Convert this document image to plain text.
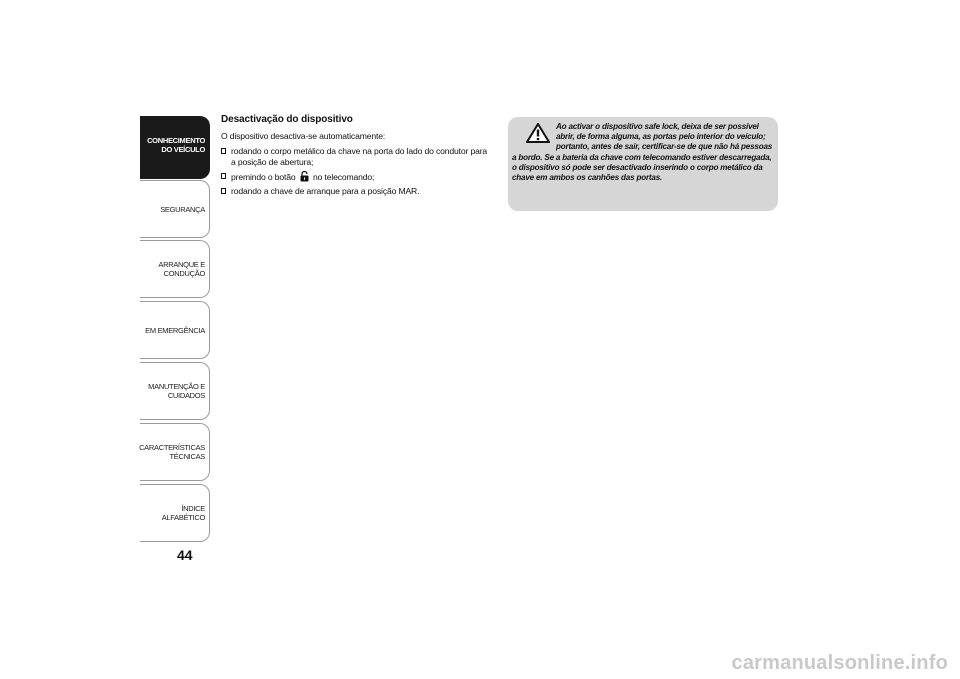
CONHECIMENTO
DO VEÍCULO
SEGURANÇA
ARRANQUE E
CONDUÇÃO
EM EMERGÊNCIA
MANUTENÇÃO E
CUIDADOS
CARACTERÍSTICAS
TÉCNICAS
ÍNDICE ALFABÉTICO
44
Desactivação do dispositivo
O dispositivo desactiva-se automaticamente:
rodando o corpo metálico da chave na porta do lado do condutor para a posição de abertura;
premindo o botão no telecomando;
rodando a chave de arranque para a posição MAR.
Ao activar o dispositivo safe lock, deixa de ser possível abrir, de forma alguma, as portas pelo interior do veículo; portanto, antes de sair, certificar-se de que não há pessoas a bordo. Se a bateria da chave com telecomando estiver descarregada, o dispositivo só pode ser desactivado inserindo o corpo metálico da chave em ambos os canhões das portas.
carmanualsonline.info
